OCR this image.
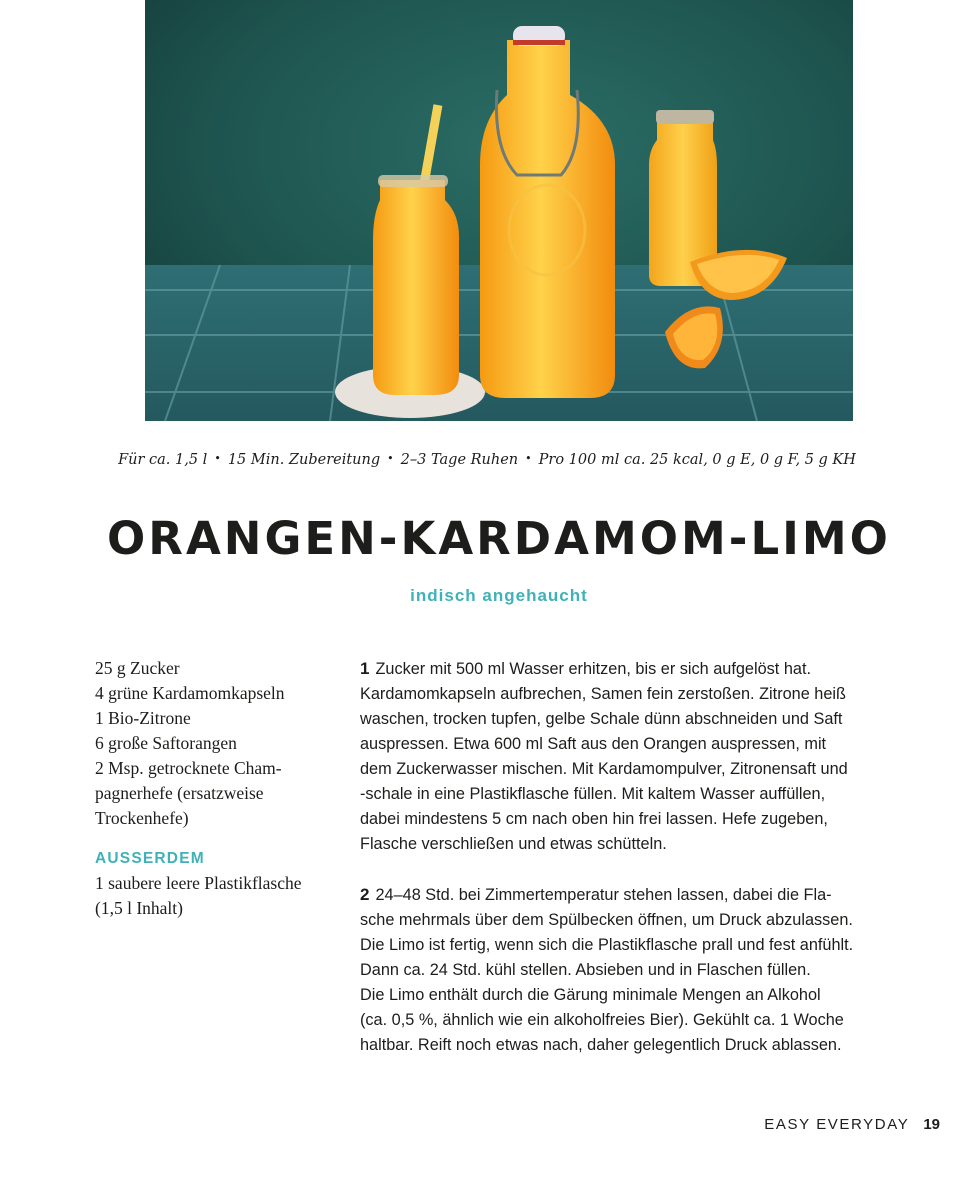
Für ca. 1,5 l • 15 Min. Zubereitung • 2–3 Tage Ruhen • Pro 100 ml ca. 25 kcal, 0 g E, 0 g F, 5 g KH
ORANGEN-KARDAMOM-LIMO
indisch angehaucht
25 g Zucker
4 grüne Kardamomkapseln
1 Bio-Zitrone
6 große Saftorangen
2 Msp. getrocknete Cham-
pagnerhefe (ersatzweise
Trockenhefe)
AUSSERDEM
1 saubere leere Plastikflasche
(1,5 l Inhalt)
1 Zucker mit 500 ml Wasser erhitzen, bis er sich aufgelöst hat.
Kardamomkapseln aufbrechen, Samen fein zerstoßen. Zitrone heiß
waschen, trocken tupfen, gelbe Schale dünn abschneiden und Saft
auspressen. Etwa 600 ml Saft aus den Orangen auspressen, mit
dem Zuckerwasser mischen. Mit Kardamompulver, Zitronensaft und
-schale in eine Plastikflasche füllen. Mit kaltem Wasser auffüllen,
dabei mindestens 5 cm nach oben hin frei lassen. Hefe zugeben,
Flasche verschließen und etwas schütteln.
2 24–48 Std. bei Zimmertemperatur stehen lassen, dabei die Fla-
sche mehrmals über dem Spülbecken öffnen, um Druck abzulassen.
Die Limo ist fertig, wenn sich die Plastikflasche prall und fest anfühlt.
Dann ca. 24 Std. kühl stellen. Absieben und in Flaschen füllen.
Die Limo enthält durch die Gärung minimale Mengen an Alkohol
(ca. 0,5 %, ähnlich wie ein alkoholfreies Bier). Gekühlt ca. 1 Woche
haltbar. Reift noch etwas nach, daher gelegentlich Druck ablassen.
EASY EVERYDAY 19
